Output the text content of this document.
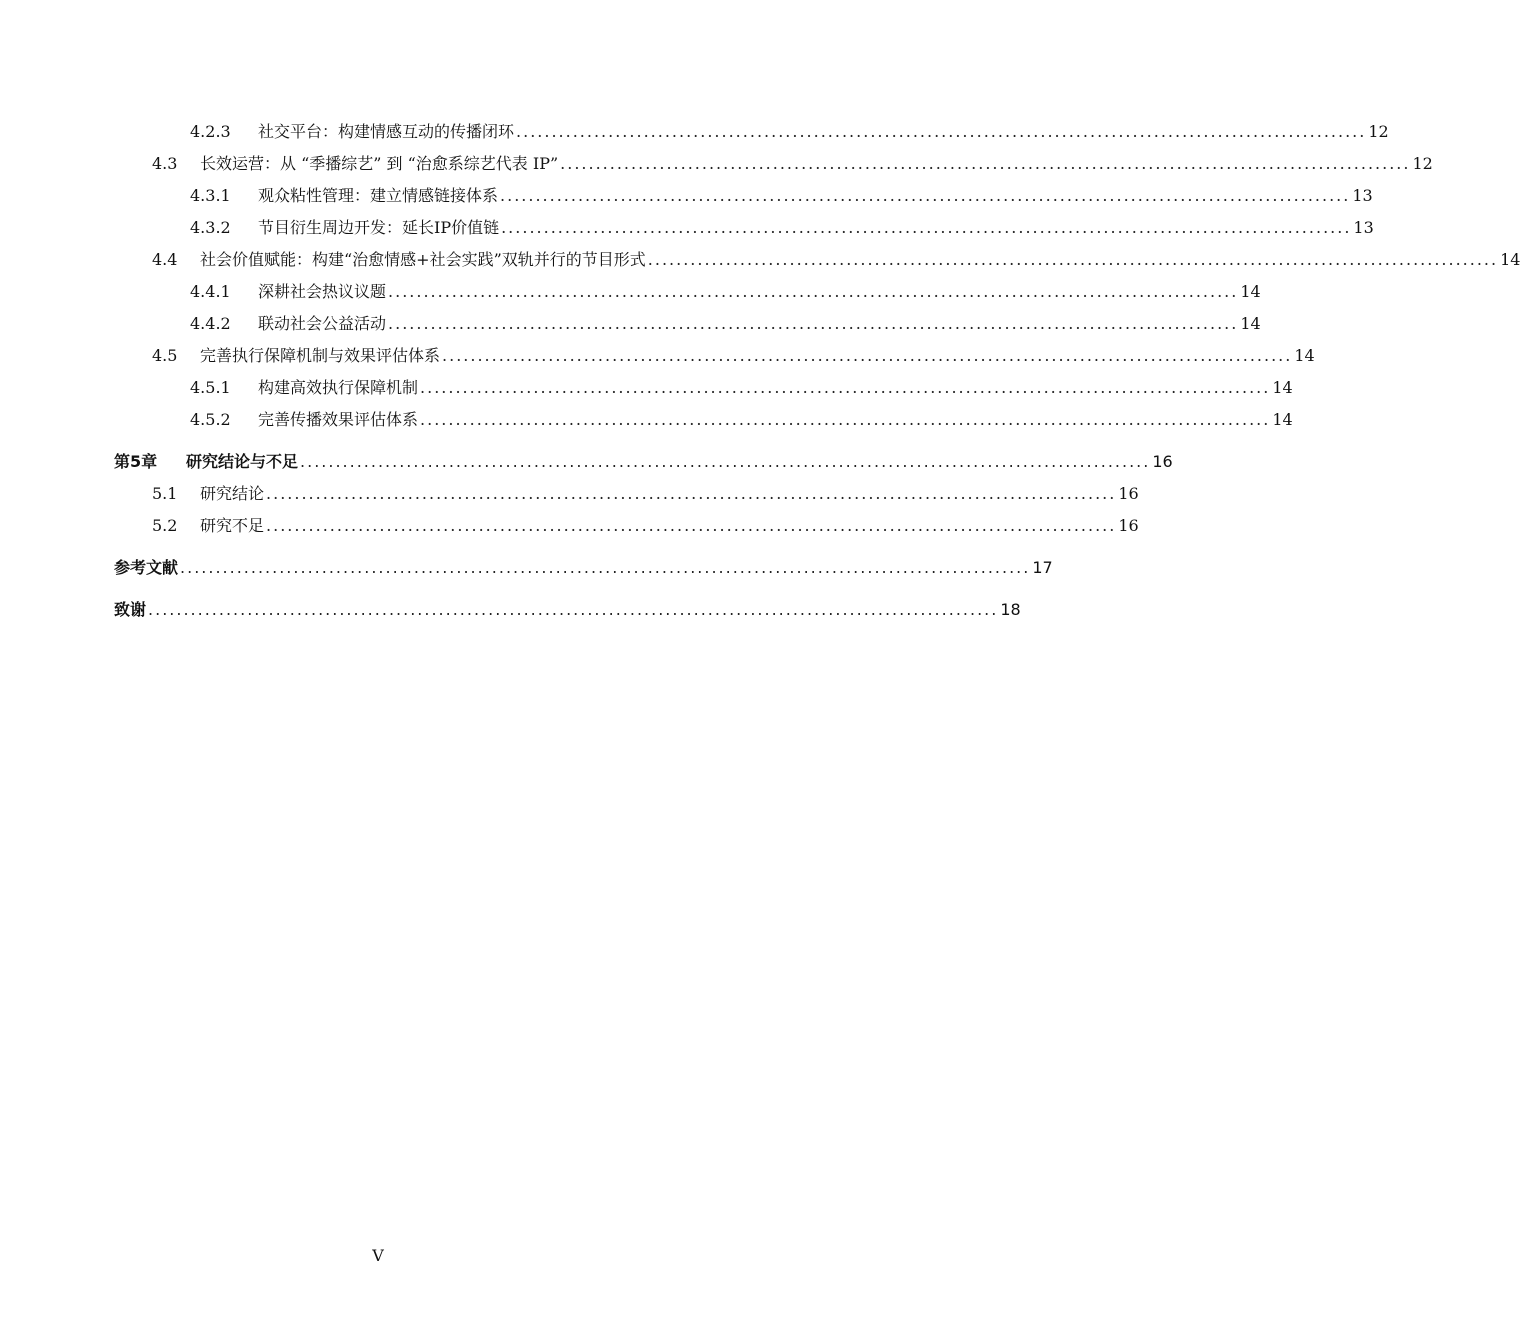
4.2.3	社交平台：构建情感互动的传播闭环 ........................................................................................................................ 12
4.3	长效运营：从 “季播综艺” 到 “治愈系综艺代表 IP” ........................................................................................................................ 12
4.3.1	观众粘性管理：建立情感链接体系 ........................................................................................................................ 13
4.3.2	节目衍生周边开发：延长IP价值链 ........................................................................................................................ 13
4.4	社会价值赋能：构建“治愈情感+社会实践”双轨并行的节目形式 ........................................................................................................................ 14
4.4.1	深耕社会热议议题 ........................................................................................................................ 14
4.4.2	联动社会公益活动 ........................................................................................................................ 14
4.5	完善执行保障机制与效果评估体系 ........................................................................................................................ 14
4.5.1	构建高效执行保障机制 ........................................................................................................................ 14
4.5.2	完善传播效果评估体系 ........................................................................................................................ 14
第5章	研究结论与不足 ........................................................................................................................ 16
5.1	研究结论 ........................................................................................................................ 16
5.2	研究不足 ........................................................................................................................ 16
参考文献 ........................................................................................................................ 17
致谢 ........................................................................................................................ 18
V
